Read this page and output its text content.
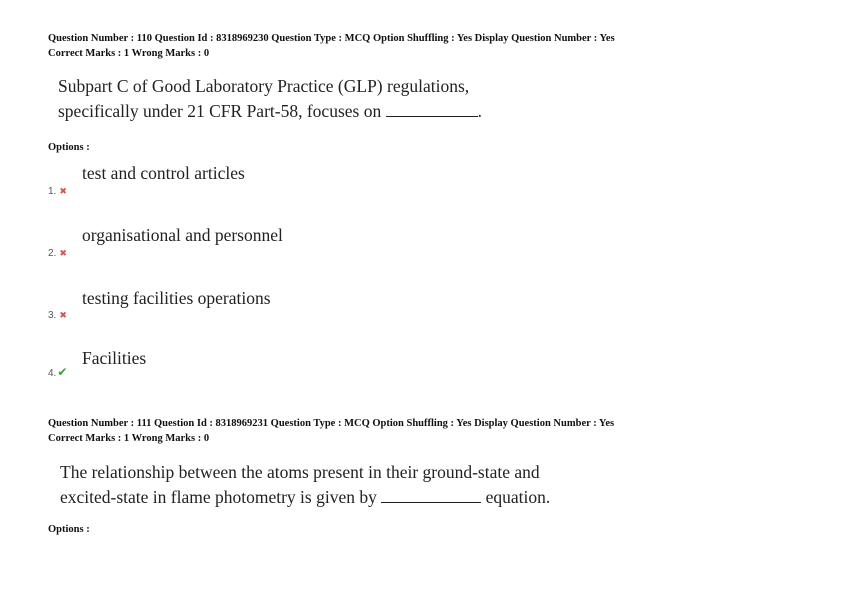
Question Number : 110 Question Id : 8318969230 Question Type : MCQ Option Shuffling : Yes Display Question Number : Yes
Correct Marks : 1 Wrong Marks : 0
Subpart C of Good Laboratory Practice (GLP) regulations,
specifically under 21 CFR Part-58, focuses on	.
Options :
test and control articles
1. ✖
organisational and personnel
2. ✖
testing facilities operations
3. ✖
Facilities
4.✔
Question Number : 111 Question Id : 8318969231 Question Type : MCQ Option Shuffling : Yes Display Question Number : Yes
Correct Marks : 1 Wrong Marks : 0
The relationship between the atoms present in their ground-state and
excited-state in flame photometry is given by	equation.
Options :
